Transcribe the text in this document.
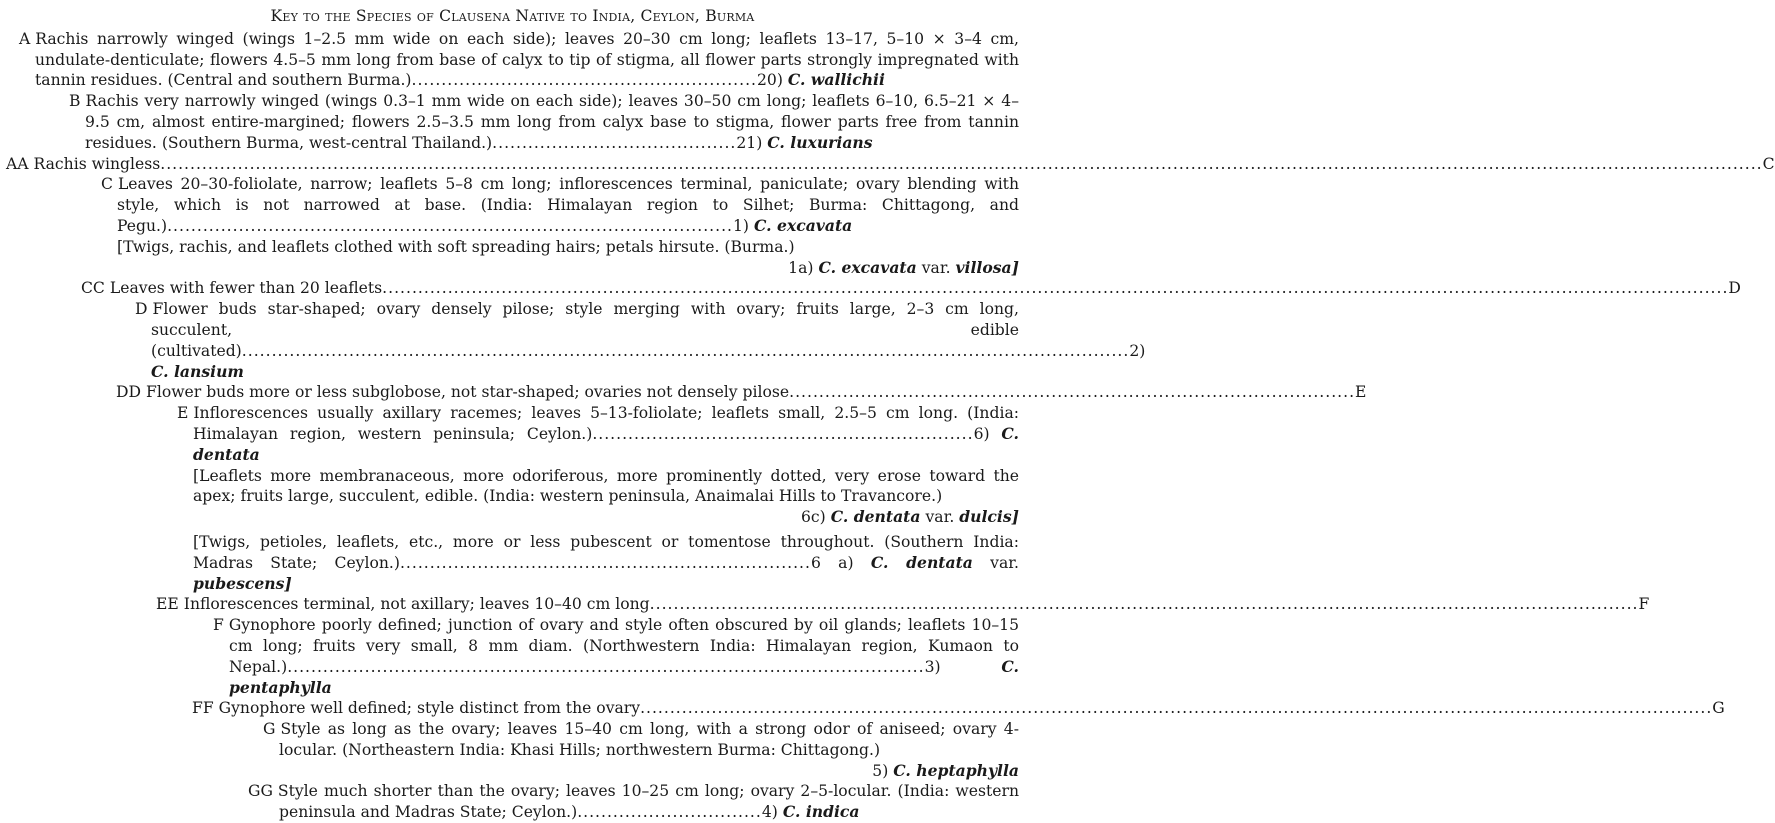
Key to the Species of Clausena Native to India, Ceylon, Burma
A Rachis narrowly winged (wings 1–2.5 mm wide on each side); leaves 20–30 cm long; leaflets 13–17, 5–10 × 3–4 cm, undulate-denticulate; flowers 4.5–5 mm long from base of calyx to tip of stigma, all flower parts strongly impregnated with tannin residues. (Central and southern Burma.)..........................................................20) C. wallichii
B Rachis very narrowly winged (wings 0.3–1 mm wide on each side); leaves 30–50 cm long; leaflets 6–10, 6.5–21 × 4–9.5 cm, almost entire-margined; flowers 2.5–3.5 mm long from calyx base to stigma, flower parts free from tannin residues. (Southern Burma, west-central Thailand.).........................................21) C. luxurians
AA Rachis wingless ............................................................................................................................................................................................................................................................................. C
C Leaves 20–30-foliolate, narrow; leaflets 5–8 cm long; inflorescences terminal, paniculate; ovary blending with style, which is not narrowed at base. (India: Himalayan region to Silhet; Burma: Chittagong, and Pegu.)...............................................................................................1) C. excavata
[Twigs, rachis, and leaflets clothed with soft spreading hairs; petals hirsute. (Burma.)
1a) C. excavata var. villosa]
CC Leaves with fewer than 20 leaflets .................................................................................................................................................................................................................................. D
D Flower buds star-shaped; ovary densely pilose; style merging with ovary; fruits large, 2–3 cm long, succulent, edible (cultivated).....................................................................................................................................................2) C. lansium
DD Flower buds more or less subglobose, not star-shaped; ovaries not densely pilose ............................................................................................... E
E Inflorescences usually axillary racemes; leaves 5–13-foliolate; leaflets small, 2.5–5 cm long. (India: Himalayan region, western peninsula; Ceylon.)................................................................6) C. dentata
[Leaflets more membranaceous, more odoriferous, more prominently dotted, very erose toward the apex; fruits large, succulent, edible. (India: western peninsula, Anaimalai Hills to Travancore.)
6c) C. dentata var. dulcis]
[Twigs, petioles, leaflets, etc., more or less pubescent or tomentose throughout. (Southern India: Madras State; Ceylon.).....................................................................6 a) C. dentata var. pubescens]
EE Inflorescences terminal, not axillary; leaves 10–40 cm long ...................................................................................................................................................................... F
F Gynophore poorly defined; junction of ovary and style often obscured by oil glands; leaflets 10–15 cm long; fruits very small, 8 mm diam. (Northwestern India: Himalayan region, Kumaon to Nepal.)...........................................................................................................3)	C. pentaphylla
FF Gynophore well defined; style distinct from the ovary .................................................................................................................................................................................... G
G Style as long as the ovary; leaves 15–40 cm long, with a strong odor of aniseed; ovary 4-locular. (Northeastern India: Khasi Hills; northwestern Burma: Chittagong.)
5) C. heptaphylla
GG Style much shorter than the ovary; leaves 10–25 cm long; ovary 2–5-locular. (India: western peninsula and Madras State; Ceylon.)...............................4) C. indica
